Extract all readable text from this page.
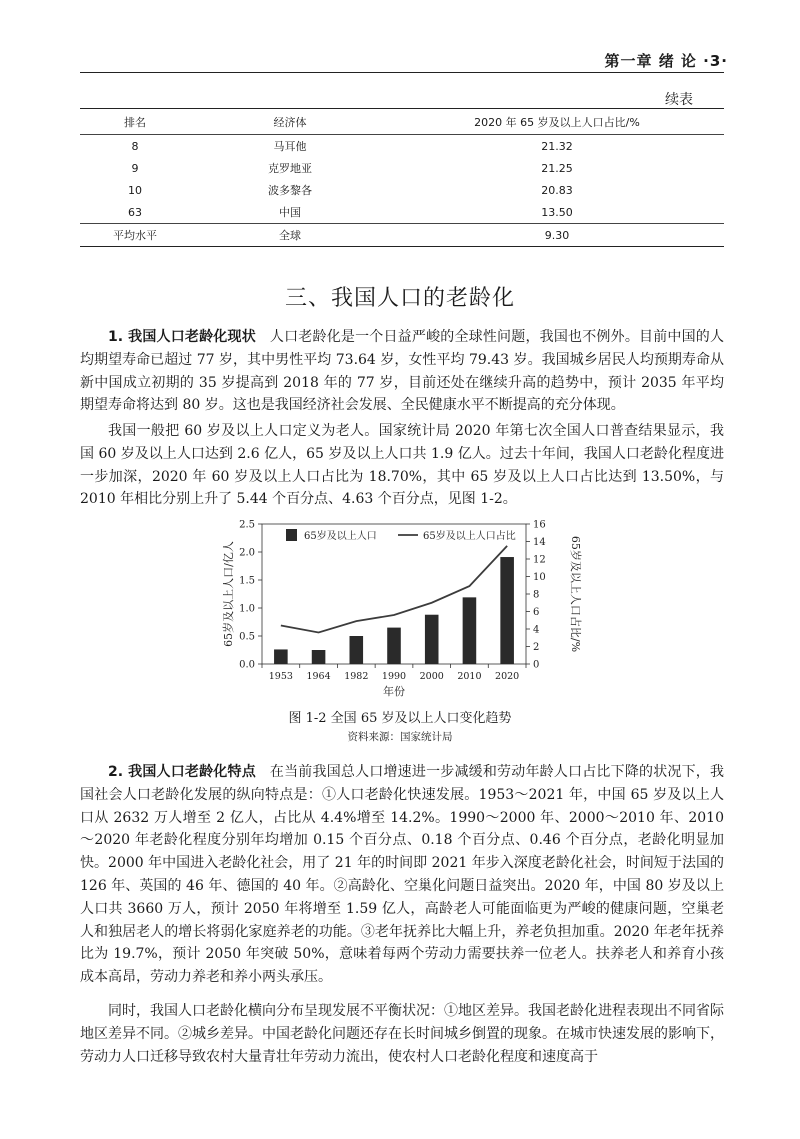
第一章 绪 论 ·3·
续表
排名	经济体	2020 年 65 岁及以上人口占比/%
8	马耳他	21.32
9	克罗地亚	21.25
10	波多黎各	20.83
63	中国	13.50
平均水平	全球	9.30
三、我国人口的老龄化

1. 我国人口老龄化现状 人口老龄化是一个日益严峻的全球性问题，我国也不例外。目前中国的人均期望寿命已超过 77 岁，其中男性平均 73.64 岁，女性平均 79.43 岁。我国城乡居民人均预期寿命从新中国成立初期的 35 岁提高到 2018 年的 77 岁，目前还处在继续升高的趋势中，预计 2035 年平均期望寿命将达到 80 岁。这也是我国经济社会发展、全民健康水平不断提高的充分体现。

我国一般把 60 岁及以上人口定义为老人。国家统计局 2020 年第七次全国人口普查结果显示，我国 60 岁及以上人口达到 2.6 亿人，65 岁及以上人口共 1.9 亿人。过去十年间，我国人口老龄化程度进一步加深，2020 年 60 岁及以上人口占比为 18.70%，其中 65 岁及以上人口占比达到 13.50%，与 2010 年相比分别上升了 5.44 个百分点、4.63 个百分点，见图 1-2。

0.0
0.5
1.0
1.5
2.0
2.5
0
2
4
6
8
10
12
14
16
1953 1964 1982 1990 2000 2010 2020
年份
65岁及以上人口/亿人	65岁及以上人口占比/%
65岁及以上人口	65岁及以上人口占比
图 1-2 全国 65 岁及以上人口变化趋势
资料来源：国家统计局

2. 我国人口老龄化特点 在当前我国总人口增速进一步减缓和劳动年龄人口占比下降的状况下，我国社会人口老龄化发展的纵向特点是：①人口老龄化快速发展。1953～2021 年，中国 65 岁及以上人口从 2632 万人增至 2 亿人，占比从 4.4%增至 14.2%。1990～2000 年、2000～2010 年、2010～2020 年老龄化程度分别年均增加 0.15 个百分点、0.18 个百分点、0.46 个百分点，老龄化明显加快。2000 年中国进入老龄化社会，用了 21 年的时间即 2021 年步入深度老龄化社会，时间短于法国的 126 年、英国的 46 年、德国的 40 年。②高龄化、空巢化问题日益突出。2020 年，中国 80 岁及以上人口共 3660 万人，预计 2050 年将增至 1.59 亿人，高龄老人可能面临更为严峻的健康问题，空巢老人和独居老人的增长将弱化家庭养老的功能。③老年抚养比大幅上升，养老负担加重。2020 年老年抚养比为 19.7%，预计 2050 年突破 50%，意味着每两个劳动力需要扶养一位老人。扶养老人和养育小孩成本高昂，劳动力养老和养小两头承压。

同时，我国人口老龄化横向分布呈现发展不平衡状况：①地区差异。我国老龄化进程表现出不同省际地区差异不同。②城乡差异。中国老龄化问题还存在长时间城乡倒置的现象。在城市快速发展的影响下，劳动力人口迁移导致农村大量青壮年劳动力流出，使农村人口老龄化程度和速度高于
